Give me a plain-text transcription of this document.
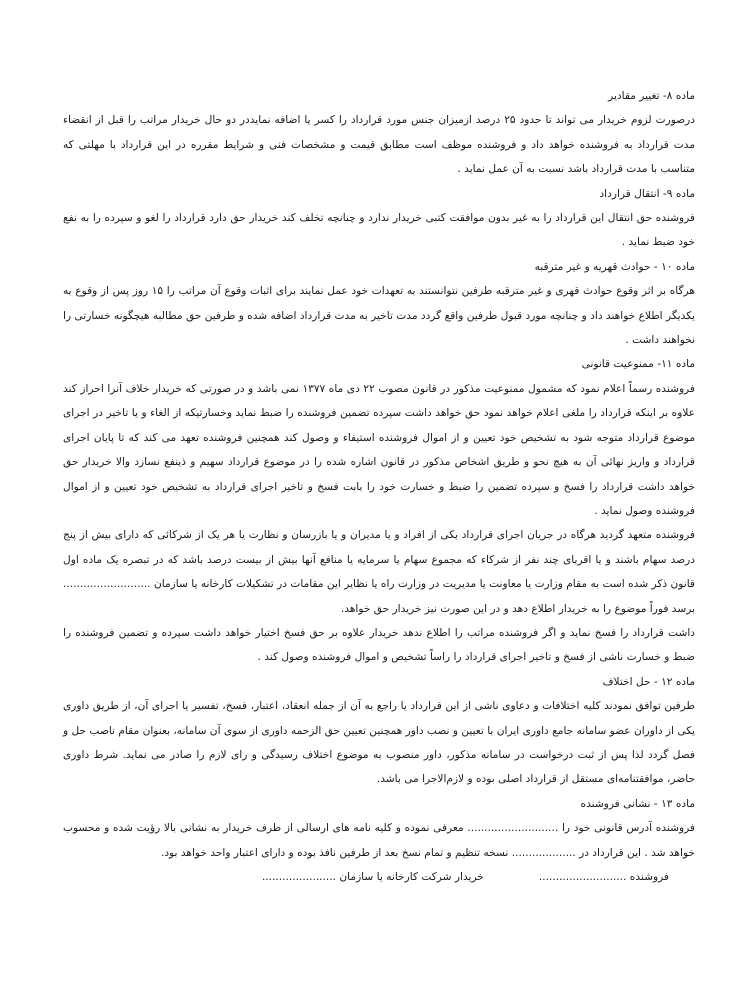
ماده ۸- تغییر مقادیر
درصورت لزوم خریدار می تواند تا حدود ۲۵ درصد ازمیزان جنس مورد قرارداد را کسر یا اضافه نمایددر دو حال خریدار مراتب را قبل از انقضاء مدت قرارداد به فروشنده خواهد داد و فروشنده موظف است مطابق قیمت و مشخصات فنی و شرایط مقرره در این قرارداد با مهلتی که متناسب با مدت قرارداد باشد نسبت به آن عمل نماید .
ماده ۹- انتقال قرارداد
فروشنده حق انتقال این قرارداد را به غیر بدون موافقت کتبی خریدار ندارد و چنانچه تخلف کند خریدار حق دارد قرارداد را لغو و سپرده را به نفع خود ضبط نماید .
ماده ۱۰ - حوادث قهریه و غیر مترقبه
هرگاه بر اثر وقوع حوادث قهری و غیر مترقبه طرفین نتوانستند به تعهدات خود عمل نمایند برای اثبات وقوع آن مراتب را ۱۵ روز پس از وقوع به یکدیگر اطلاع خواهند داد و چنانچه مورد قبول طرفین واقع گردد مدت تاخیر به مدت قرارداد اضافه شده و طرفین حق مطالبه هیچگونه خسارتی را نخواهند داشت .
ماده ۱۱- ممنوعیت قانونی
فروشنده رسماً اعلام نمود که مشمول ممنوعیت مذکور در قانون مصوب ۲۲ دی ماه ۱۳۷۷ نمی باشد و در صورتی که خریدار خلاف آنرا احراز کند علاوه بر اینکه قرارداد را ملغی اعلام خواهد نمود حق خواهد داشت سپرده تضمین فروشنده را ضبط نماید وخسارتیکه از الغاء و یا تاخیر در اجرای موضوع قرارداد متوجه شود به تشخیص خود تعیین و از اموال فروشنده استیفاء و وصول کند همچنین فروشنده تعهد می کند که تا پایان اجرای قرارداد و واریز نهائی آن به هیچ نحو و طریق اشخاص مذکور در قانون اشاره شده را در موضوع قرارداد سهیم و ذینفع نسازد والا خریدار حق خواهد داشت قرارداد را فسخ و سپرده تضمین را ضبط و خسارت خود را بابت فسخ و تاخیر اجرای قرارداد به تشخیص خود تعیین و از اموال فروشنده وصول نماید .
فروشنده متعهد گردید هرگاه در جریان اجرای قرارداد یکی از افراد و یا مدیران و یا بازرسان و نظارت یا هر یک از شرکائی که دارای بیش از پنج درصد سهام باشند و یا اقربای چند نفر از شرکاء که مجموع سهام یا سرمایه یا منافع آنها بیش از بیست درصد باشد که در تبصره یک ماده اول قانون ذکر شده است به مقام وزارت یا معاونت یا مدیریت در وزارت راه یا نظایر این مقامات در تشکیلات کارخانه یا سازمان .......................... برسد فوراً موضوع را به خریدار اطلاع دهد و در این صورت نیز خریدار حق خواهد.
داشت قرارداد را فسخ نماید و اگر فروشنده مراتب را اطلاع ندهد خریدار علاوه بر حق فسخ اختیار خواهد داشت سپرده و تضمین فروشنده را ضبط و خسارت ناشی از فسخ و تاخیر اجرای قرارداد را راساً تشخیص و اموال فروشنده وصول کند .
ماده ۱۲ - حل اختلاف
طرفین توافق نمودند کلیه اختلافات و دعاوی ناشی از این قرارداد یا راجع به آن از جمله انعقاد، اعتبار، فسخ، تفسیر یا اجرای آن، از طریق داوری یکی از داوران عضو سامانه جامع داوری ایران با تعیین و نصب داور همچنین تعیین حق الزحمه داوری از سوی آن سامانه، بعنوان مقام ناصب حل و فصل گردد لذا پس از ثبت درخواست در سامانه مذکور، داور منصوب به موضوع اختلاف رسیدگی و رای لازم را صادر می نماید. شرط داوری حاضر، موافقتنامه‌ای مستقل از قرارداد اصلی بوده و لازم‌الاجرا می باشد.
ماده ۱۳ - نشانی فروشنده
فروشنده آدرس قانونی خود را ........................... معرفی نموده و کلیه نامه های ارسالی از طرف خریدار به نشانی بالا رؤیت شده و محسوب خواهد شد . این قرارداد در ................... نسخه تنظیم و تمام نسخ بعد از طرفین نافذ بوده و دارای اعتبار واحد خواهد بود.
فروشنده ..........................
خریدار شرکت کارخانه یا سازمان ......................
